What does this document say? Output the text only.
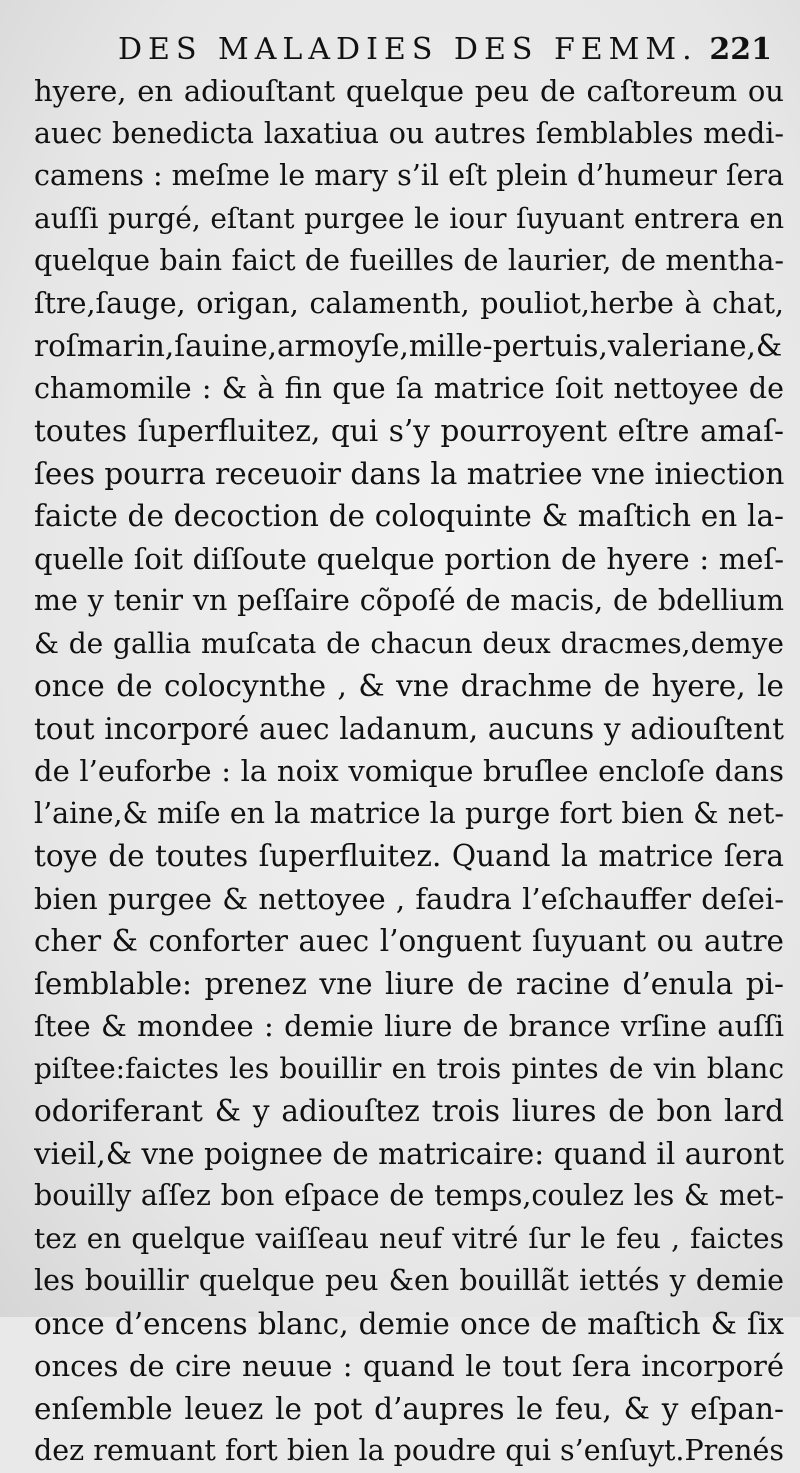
DES MALADIES DES FEMM. 221
hyere, en adiouſtant quelque peu de caſtoreum ou
auec benedicta laxatiua ou autres ſemblables medi-
camens : meſme le mary s’il eſt plein d’humeur ſera
auſſi purgé, eſtant purgee le iour ſuyuant entrera en
quelque bain faict de fueilles de laurier, de mentha-
ſtre,ſauge, origan, calamenth, pouliot,herbe à chat,
roſmarin,ſauine,armoyſe,mille-pertuis,valeriane,&
chamomile : & à fin que ſa matrice ſoit nettoyee de
toutes ſuperfluitez, qui s’y pourroyent eſtre amaſ-
ſees pourra receuoir dans la matriee vne iniection
faicte de decoction de coloquinte & maſtich en la-
quelle ſoit diſſoute quelque portion de hyere : meſ-
me y tenir vn peſſaire cõpoſé de macis, de bdellium
& de gallia muſcata de chacun deux dracmes,demye
once de colocynthe , & vne drachme de hyere, le
tout incorporé auec ladanum, aucuns y adiouſtent
de l’euforbe : la noix vomique bruſlee encloſe dans
l’aine,& miſe en la matrice la purge fort bien & net-
toye de toutes ſuperfluitez. Quand la matrice ſera
bien purgee & nettoyee , faudra l’eſchauffer deſei-
cher & conforter auec l’onguent ſuyuant ou autre
ſemblable: prenez vne liure de racine d’enula pi-
ſtee & mondee : demie liure de brance vrſine auſſi
piſtee:faictes les bouillir en trois pintes de vin blanc
odoriferant & y adiouſtez trois liures de bon lard
vieil,& vne poignee de matricaire: quand il auront
bouilly aſſez bon eſpace de temps,coulez les & met-
tez en quelque vaiſſeau neuf vitré ſur le feu , faictes
les bouillir quelque peu &en bouillãt iettés y demie
once d’encens blanc, demie once de maſtich & ſix
onces de cire neuue : quand le tout ſera incorporé
enſemble leuez le pot d’aupres le feu, & y eſpan-
dez remuant fort bien la poudre qui s’enſuyt.Prenés
